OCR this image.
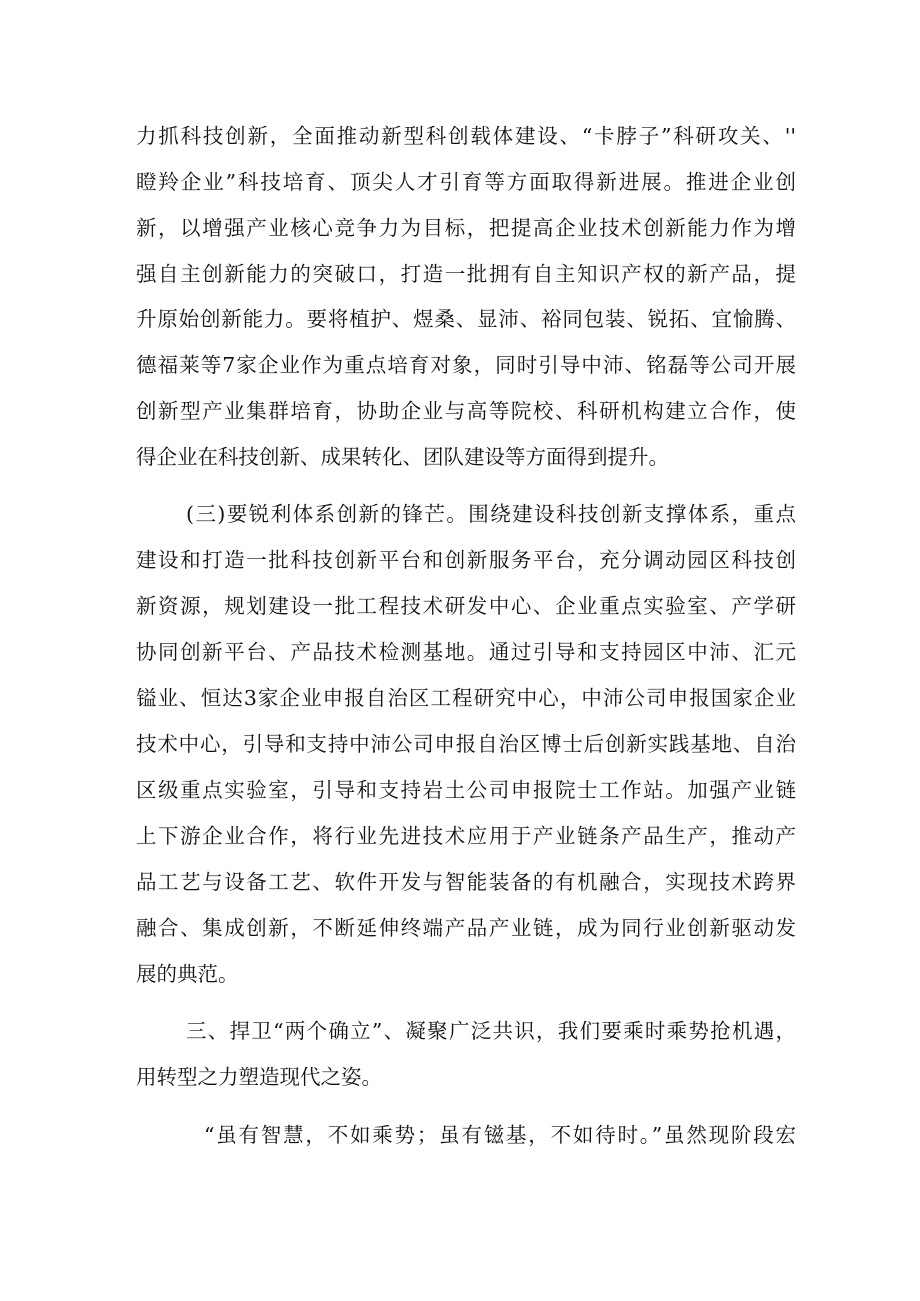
力抓科技创新，全面推动新型科创载体建设、“卡脖子”科研攻关、''
瞪羚企业”科技培育、顶尖人才引育等方面取得新进展。推进企业创
新，以增强产业核心竞争力为目标，把提高企业技术创新能力作为增
强自主创新能力的突破口，打造一批拥有自主知识产权的新产品，提
升原始创新能力。要将植护、煜桑、显沛、裕同包装、锐拓、宜愉腾、
德福莱等7家企业作为重点培育对象，同时引导中沛、铭磊等公司开展
创新型产业集群培育，协助企业与高等院校、科研机构建立合作，使
得企业在科技创新、成果转化、团队建设等方面得到提升。
(三)要锐利体系创新的锋芒。围绕建设科技创新支撑体系，重点
建设和打造一批科技创新平台和创新服务平台，充分调动园区科技创
新资源，规划建设一批工程技术研发中心、企业重点实验室、产学研
协同创新平台、产品技术检测基地。通过引导和支持园区中沛、汇元
镒业、恒达3家企业申报自治区工程研究中心，中沛公司申报国家企业
技术中心，引导和支持中沛公司申报自治区博士后创新实践基地、自治
区级重点实验室，引导和支持岩土公司申报院士工作站。加强产业链
上下游企业合作，将行业先进技术应用于产业链条产品生产，推动产
品工艺与设备工艺、软件开发与智能装备的有机融合，实现技术跨界
融合、集成创新，不断延伸终端产品产业链，成为同行业创新驱动发
展的典范。
三、捍卫“两个确立”、凝聚广泛共识，我们要乘时乘势抢机遇，
用转型之力塑造现代之姿。
“虽有智慧，不如乘势；虽有镃基，不如待时。”虽然现阶段宏
